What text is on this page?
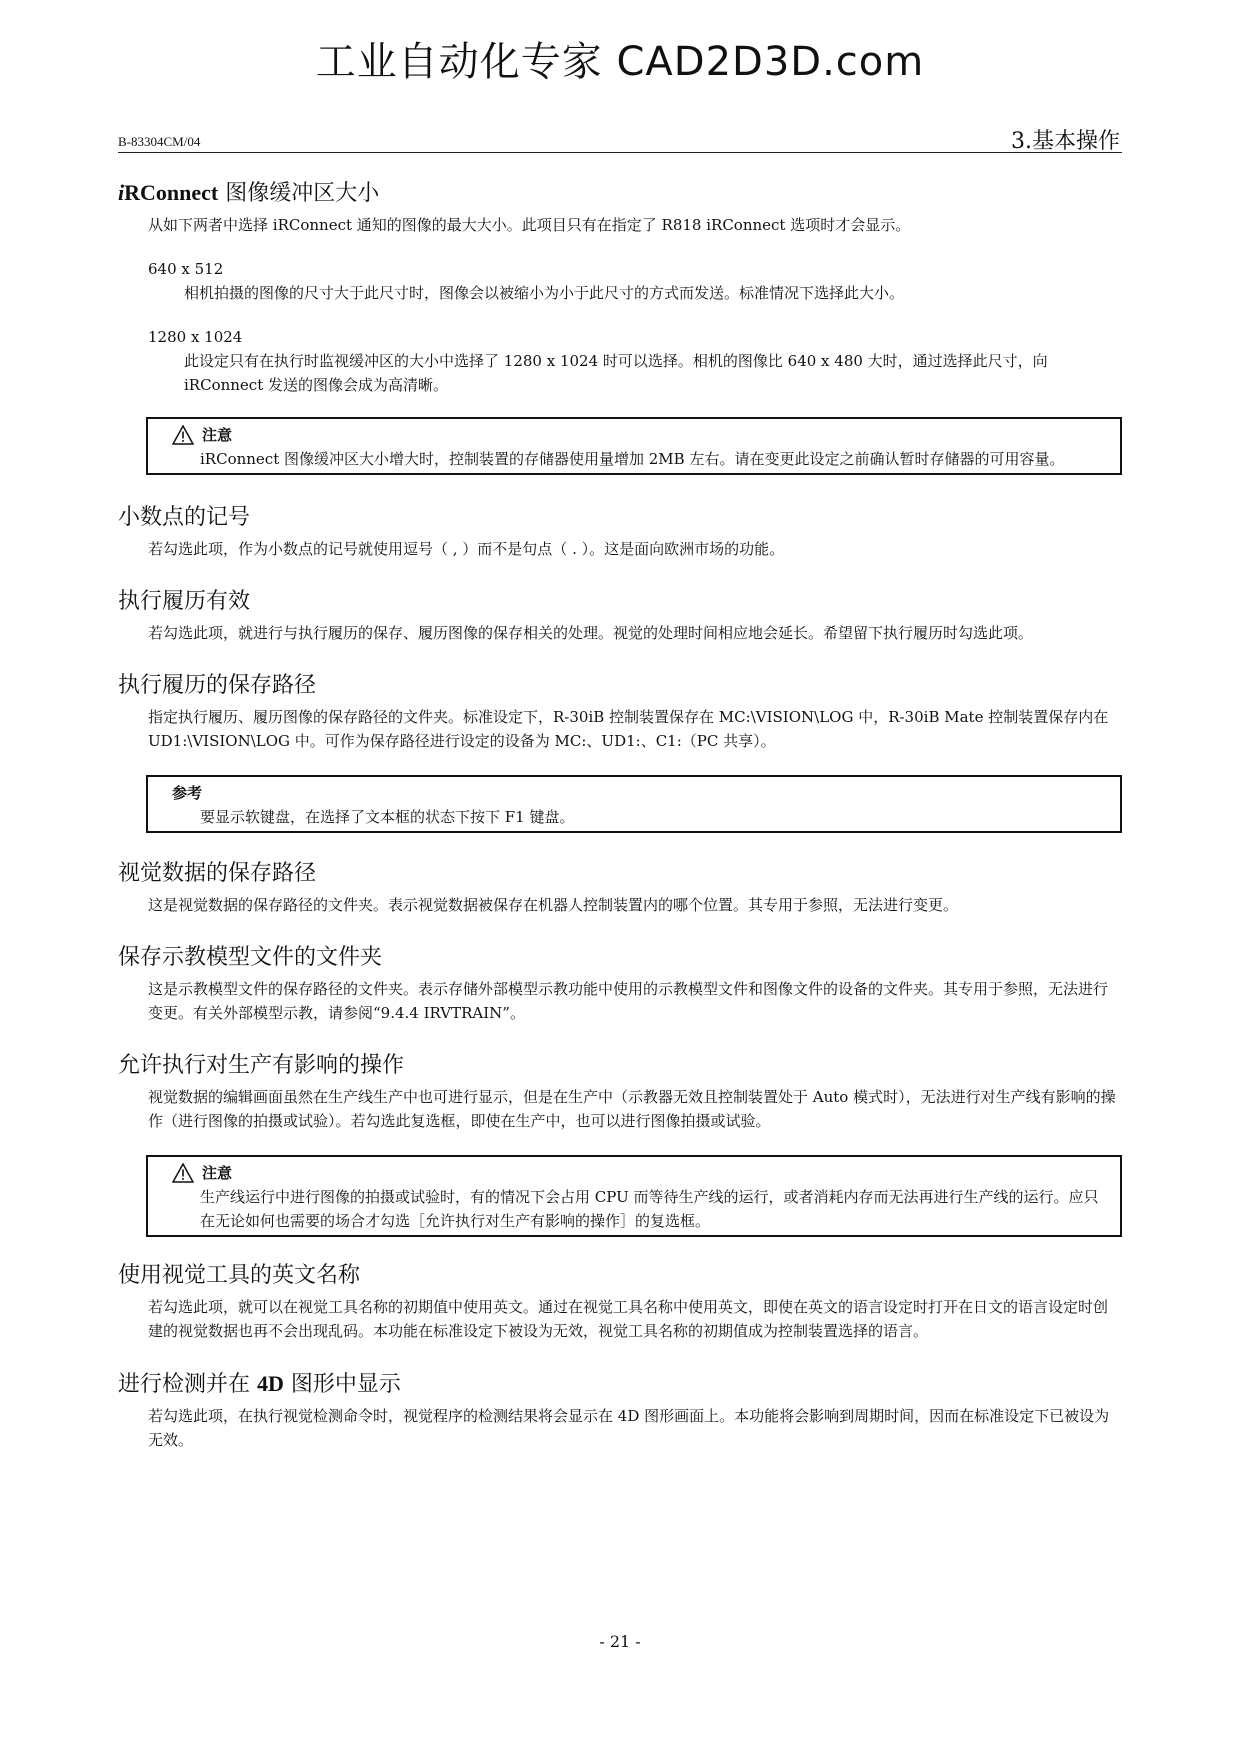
工业自动化专家 CAD2D3D.com
B-83304CM/04	3.基本操作
iRConnect 图像缓冲区大小

从如下两者中选择 iRConnect 通知的图像的最大大小。此项目只有在指定了 R818 iRConnect 选项时才会显示。

640 x 512

相机拍摄的图像的尺寸大于此尺寸时，图像会以被缩小为小于此尺寸的方式而发送。标准情况下选择此大小。

1280 x 1024

此设定只有在执行时监视缓冲区的大小中选择了 1280 x 1024 时可以选择。相机的图像比 640 x 480 大时，通过选择此尺寸，向 iRConnect 发送的图像会成为高清晰。

注意
iRConnect 图像缓冲区大小增大时，控制装置的存储器使用量增加 2MB 左右。请在变更此设定之前确认暂时存储器的可用容量。
小数点的记号

若勾选此项，作为小数点的记号就使用逗号（ , ）而不是句点（ . ）。这是面向欧洲市场的功能。

执行履历有效

若勾选此项，就进行与执行履历的保存、履历图像的保存相关的处理。视觉的处理时间相应地会延长。希望留下执行履历时勾选此项。

执行履历的保存路径

指定执行履历、履历图像的保存路径的文件夹。标准设定下，R-30iB 控制装置保存在 MC:\VISION\LOG 中，R-30iB Mate 控制装置保存内在 UD1:\VISION\LOG 中。可作为保存路径进行设定的设备为 MC:、UD1:、C1:（PC 共享）。

参考
要显示软键盘，在选择了文本框的状态下按下 F1 键盘。
视觉数据的保存路径

这是视觉数据的保存路径的文件夹。表示视觉数据被保存在机器人控制装置内的哪个位置。其专用于参照，无法进行变更。

保存示教模型文件的文件夹

这是示教模型文件的保存路径的文件夹。表示存储外部模型示教功能中使用的示教模型文件和图像文件的设备的文件夹。其专用于参照，无法进行变更。有关外部模型示教，请参阅“9.4.4 IRVTRAIN”。

允许执行对生产有影响的操作

视觉数据的编辑画面虽然在生产线生产中也可进行显示，但是在生产中（示教器无效且控制装置处于 Auto 模式时），无法进行对生产线有影响的操作（进行图像的拍摄或试验）。若勾选此复选框，即使在生产中，也可以进行图像拍摄或试验。

注意
生产线运行中进行图像的拍摄或试验时，有的情况下会占用 CPU 而等待生产线的运行，或者消耗内存而无法再进行生产线的运行。应只在无论如何也需要的场合才勾选［允许执行对生产有影响的操作］的复选框。
使用视觉工具的英文名称

若勾选此项，就可以在视觉工具名称的初期值中使用英文。通过在视觉工具名称中使用英文，即使在英文的语言设定时打开在日文的语言设定时创建的视觉数据也再不会出现乱码。本功能在标准设定下被设为无效，视觉工具名称的初期值成为控制装置选择的语言。

进行检测并在 4D 图形中显示

若勾选此项，在执行视觉检测命令时，视觉程序的检测结果将会显示在 4D 图形画面上。本功能将会影响到周期时间，因而在标准设定下已被设为无效。

- 21 -
